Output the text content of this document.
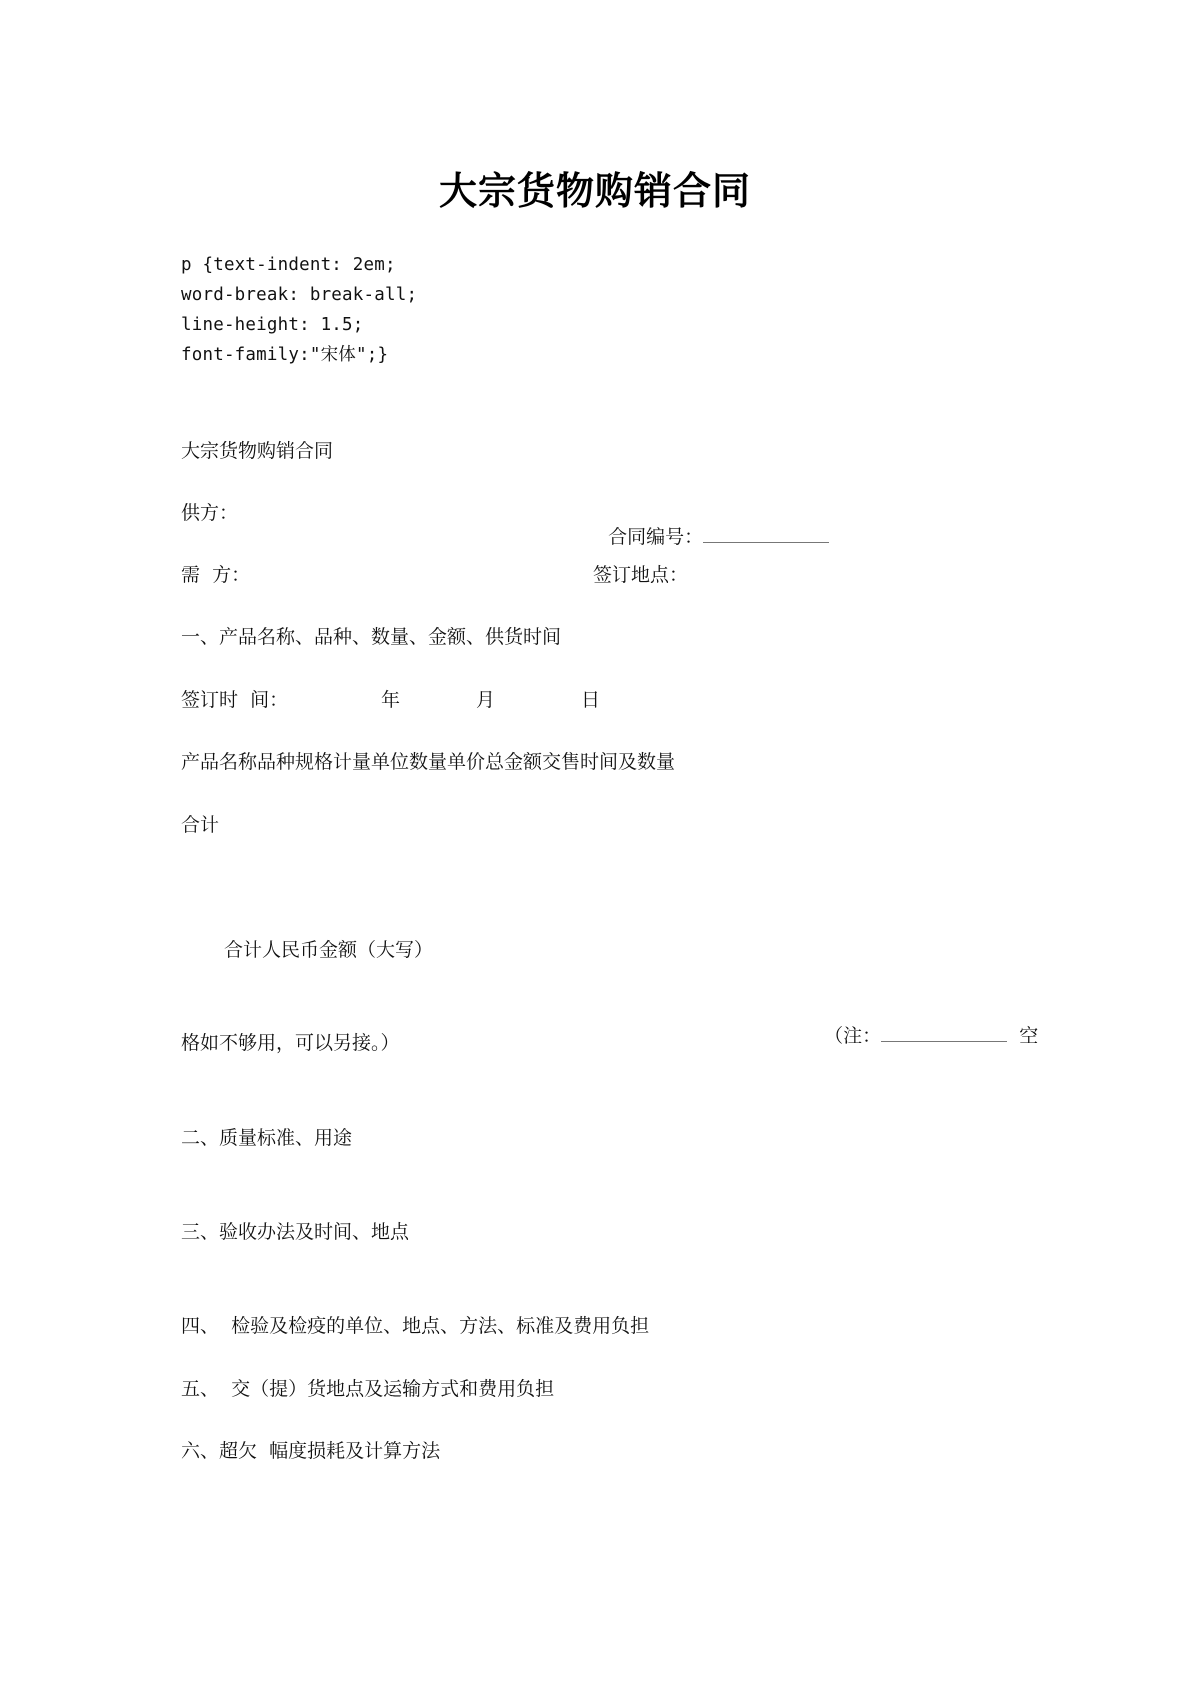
大宗货物购销合同
p {text-indent: 2em;
word-break: break-all;
line-height: 1.5;
font-family:"宋体";}
大宗货物购销合同
供方：

合同编号：

需  方：	签订地点：
一、产品名称、品种、数量、金额、供货时间
签订时  间：	年	月	日
产品名称品种规格计量单位数量单价总金额交售时间及数量
合计
合计人民币金额（大写）

（注：	空

格如不够用，可以另接。）
二、质量标准、用途
三、验收办法及时间、地点
四、  检验及检疫的单位、地点、方法、标准及费用负担
五、  交（提）货地点及运输方式和费用负担
六、超欠  幅度损耗及计算方法
